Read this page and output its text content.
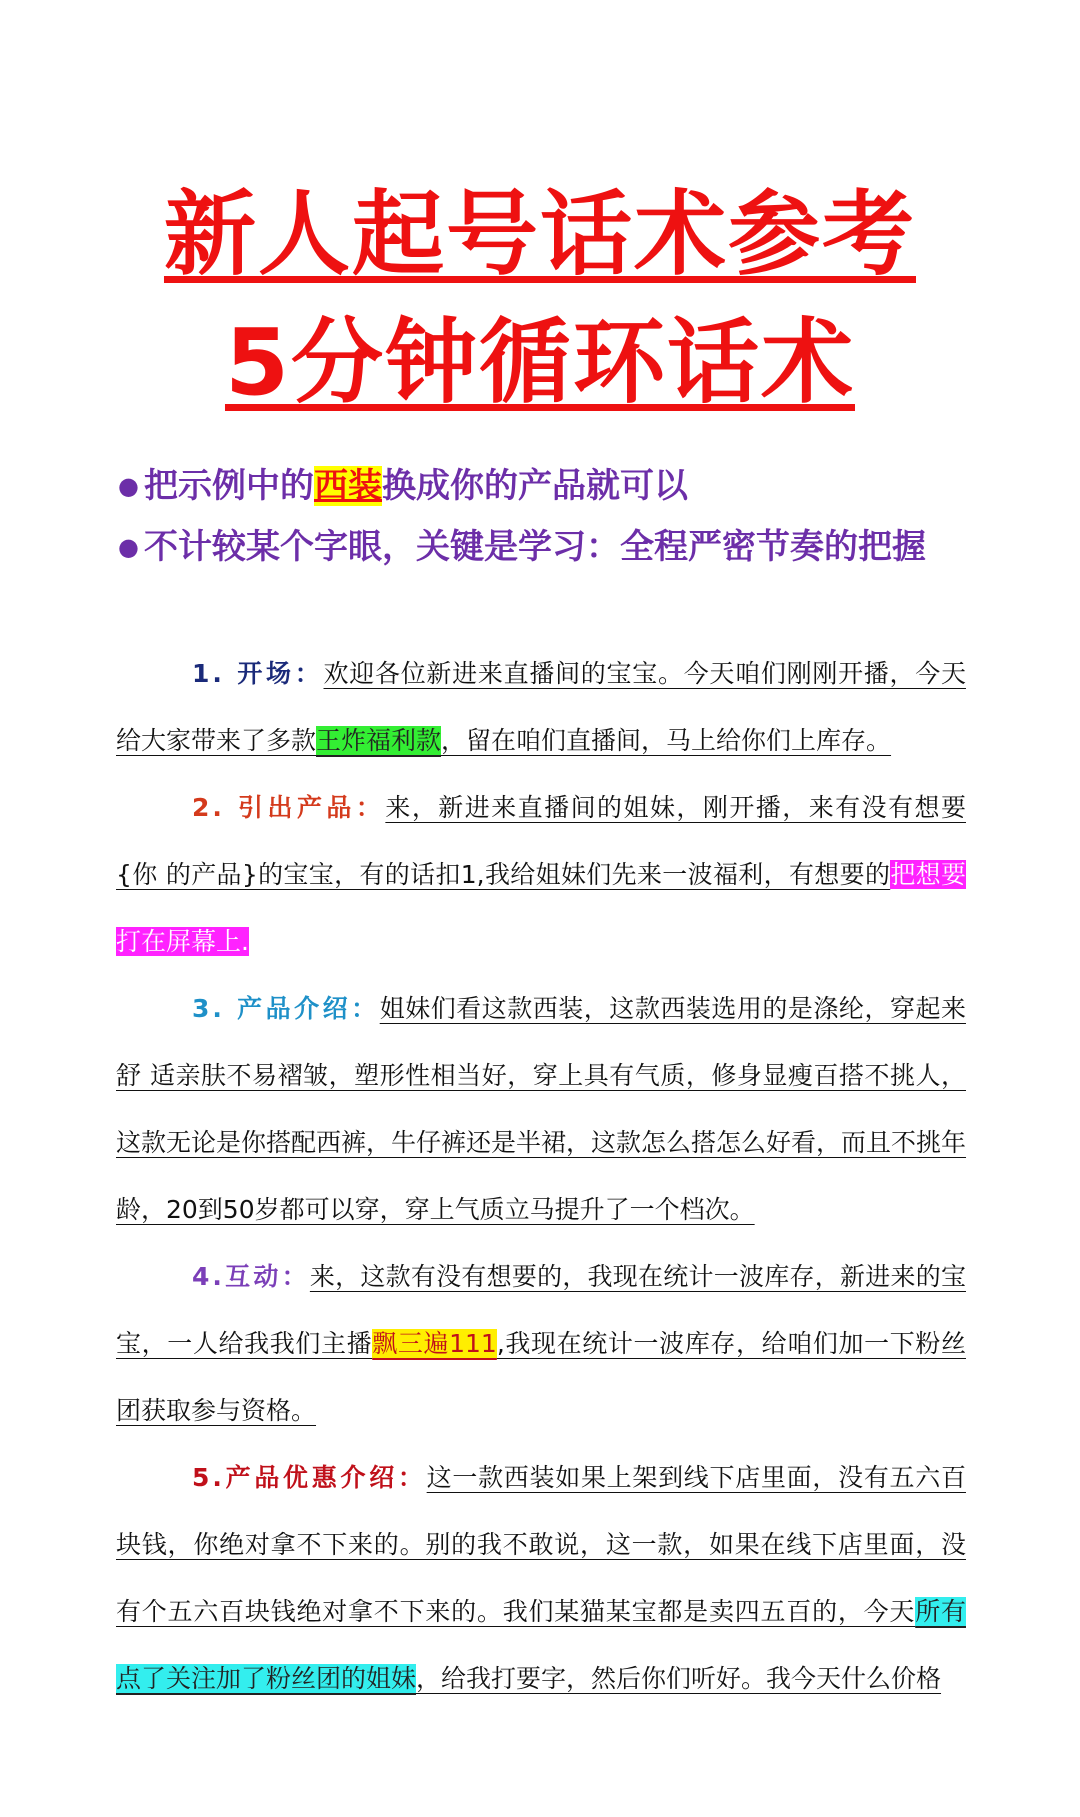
新人起号话术参考
5分钟循环话术
● 把示例中的西装换成你的产品就可以
● 不计较某个字眼，关键是学习：全程严密节奏的把握

1. 开场：欢迎各位新进来直播间的宝宝。今天咱们刚刚开播，今天给大家带来了多款王炸福利款，留在咱们直播间，马上给你们上库存。

2. 引出产品：来，新进来直播间的姐妹，刚开播，来有没有想要{你 的产品}的宝宝，有的话扣1,我给姐妹们先来一波福利，有想要的把想要打在屏幕上.

3. 产品介绍：姐妹们看这款西装，这款西装选用的是涤纶，穿起来舒 适亲肤不易褶皱，塑形性相当好，穿上具有气质，修身显瘦百搭不挑人，这款无论是你搭配西裤，牛仔裤还是半裙，这款怎么搭怎么好看，而且不挑年龄，20到50岁都可以穿，穿上气质立马提升了一个档次。

4.互动：来，这款有没有想要的，我现在统计一波库存，新进来的宝 宝，一人给我我们主播飘三遍111,我现在统计一波库存，给咱们加一下粉丝团获取参与资格。

5.产品优惠介绍：这一款西装如果上架到线下店里面，没有五六百 块钱，你绝对拿不下来的。别的我不敢说，这一款，如果在线下店里面，没 有个五六百块钱绝对拿不下来的。我们某猫某宝都是卖四五百的，今天所有点了关注加了粉丝团的姐妹，给我打要字，然后你们听好。我今天什么价格
